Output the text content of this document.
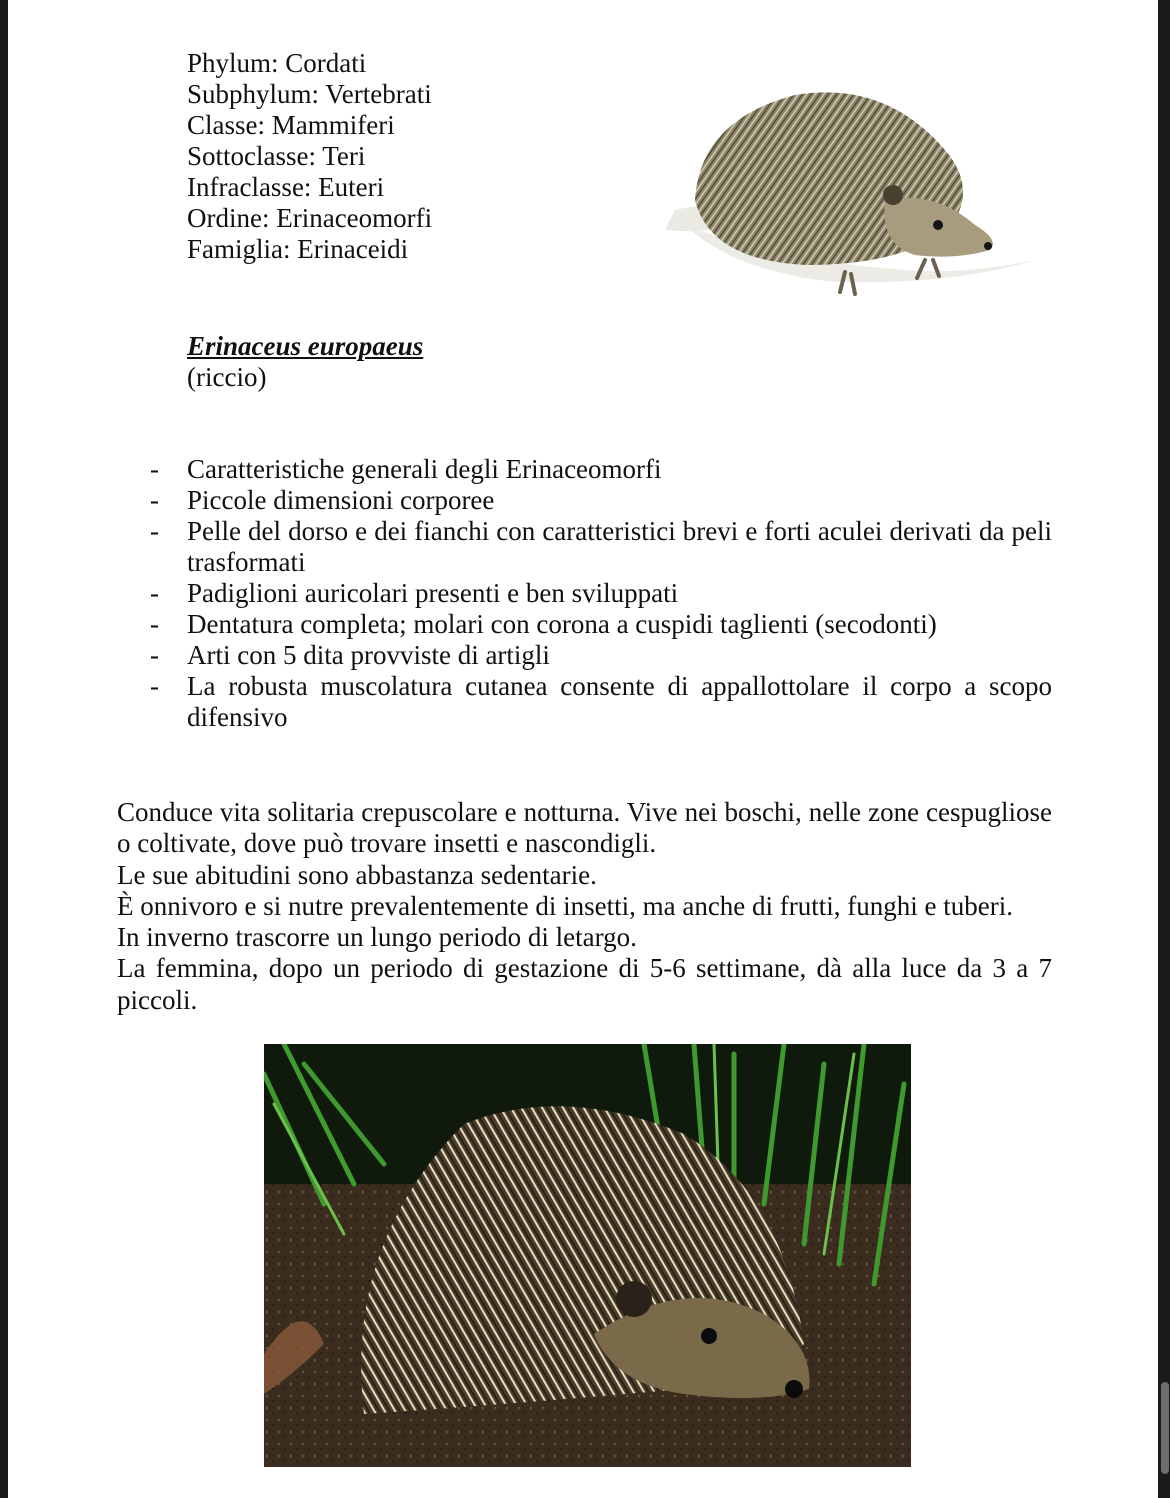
Phylum: Cordati
Subphylum: Vertebrati
Classe: Mammiferi
Sottoclasse: Teri
Infraclasse: Euteri
Ordine: Erinaceomorfi
Famiglia: Erinaceidi
Erinaceus europaeus
(riccio)
- Caratteristiche generali degli Erinaceomorfi
- Piccole dimensioni corporee
- Pelle del dorso e dei fianchi con caratteristici brevi e forti aculei derivati da peli trasformati
- Padiglioni auricolari presenti e ben sviluppati
- Dentatura completa; molari con corona a cuspidi taglienti (secodonti)
- Arti con 5 dita provviste di artigli
- La robusta muscolatura cutanea consente di appallottolare il corpo a scopo difensivo

Conduce vita solitaria crepuscolare e notturna. Vive nei boschi, nelle zone cespugliose o coltivate, dove può trovare insetti e nascondigli.

Le sue abitudini sono abbastanza sedentarie.

È onnivoro e si nutre prevalentemente di insetti, ma anche di frutti, funghi e tuberi.

In inverno trascorre un lungo periodo di letargo.

La femmina, dopo un periodo di gestazione di 5-6 settimane, dà alla luce da 3 a 7 piccoli.
